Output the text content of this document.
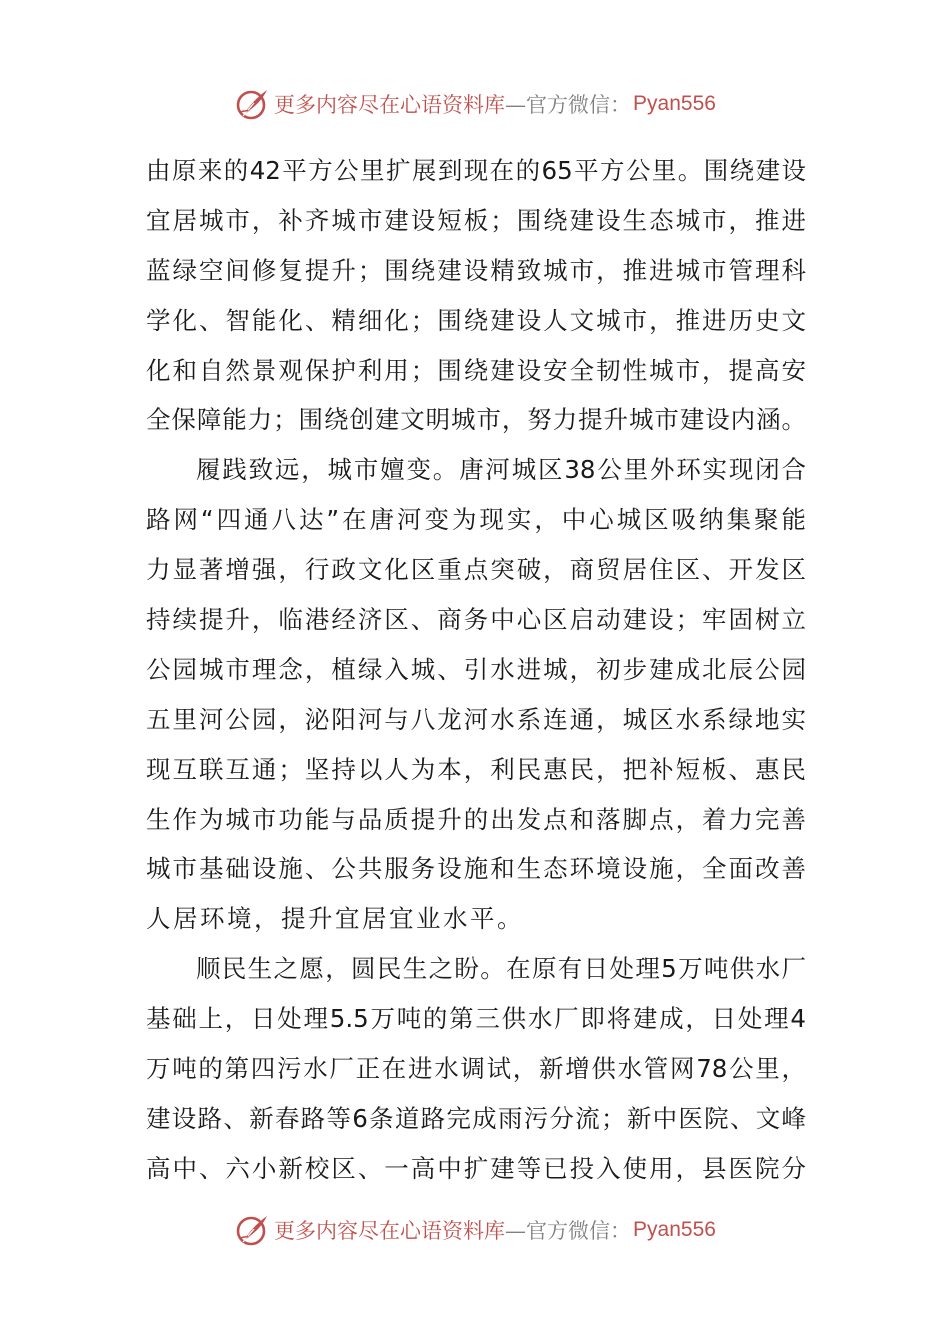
更多内容尽在心语资料库 —官方微信： Pyan556
由原来的42平方公里扩展到现在的65平方公里。围绕建设
宜居城市，补齐城市建设短板；围绕建设生态城市，推进
蓝绿空间修复提升；围绕建设精致城市，推进城市管理科
学化、智能化、精细化；围绕建设人文城市，推进历史文
化和自然景观保护利用；围绕建设安全韧性城市，提高安
全保障能力；围绕创建文明城市，努力提升城市建设内涵。
履践致远，城市嬗变。唐河城区38公里外环实现闭合
路网“四通八达”在唐河变为现实，中心城区吸纳集聚能
力显著增强，行政文化区重点突破，商贸居住区、开发区
持续提升，临港经济区、商务中心区启动建设；牢固树立
公园城市理念，植绿入城、引水进城，初步建成北辰公园
五里河公园，泌阳河与八龙河水系连通，城区水系绿地实
现互联互通；坚持以人为本，利民惠民，把补短板、惠民
生作为城市功能与品质提升的出发点和落脚点，着力完善
城市基础设施、公共服务设施和生态环境设施，全面改善
人居环境，提升宜居宜业水平。
顺民生之愿，圆民生之盼。在原有日处理5万吨供水厂
基础上，日处理5.5万吨的第三供水厂即将建成，日处理4
万吨的第四污水厂正在进水调试，新增供水管网78公里，
建设路、新春路等6条道路完成雨污分流；新中医院、文峰
高中、六小新校区、一高中扩建等已投入使用，县医院分
更多内容尽在心语资料库 —官方微信： Pyan556
